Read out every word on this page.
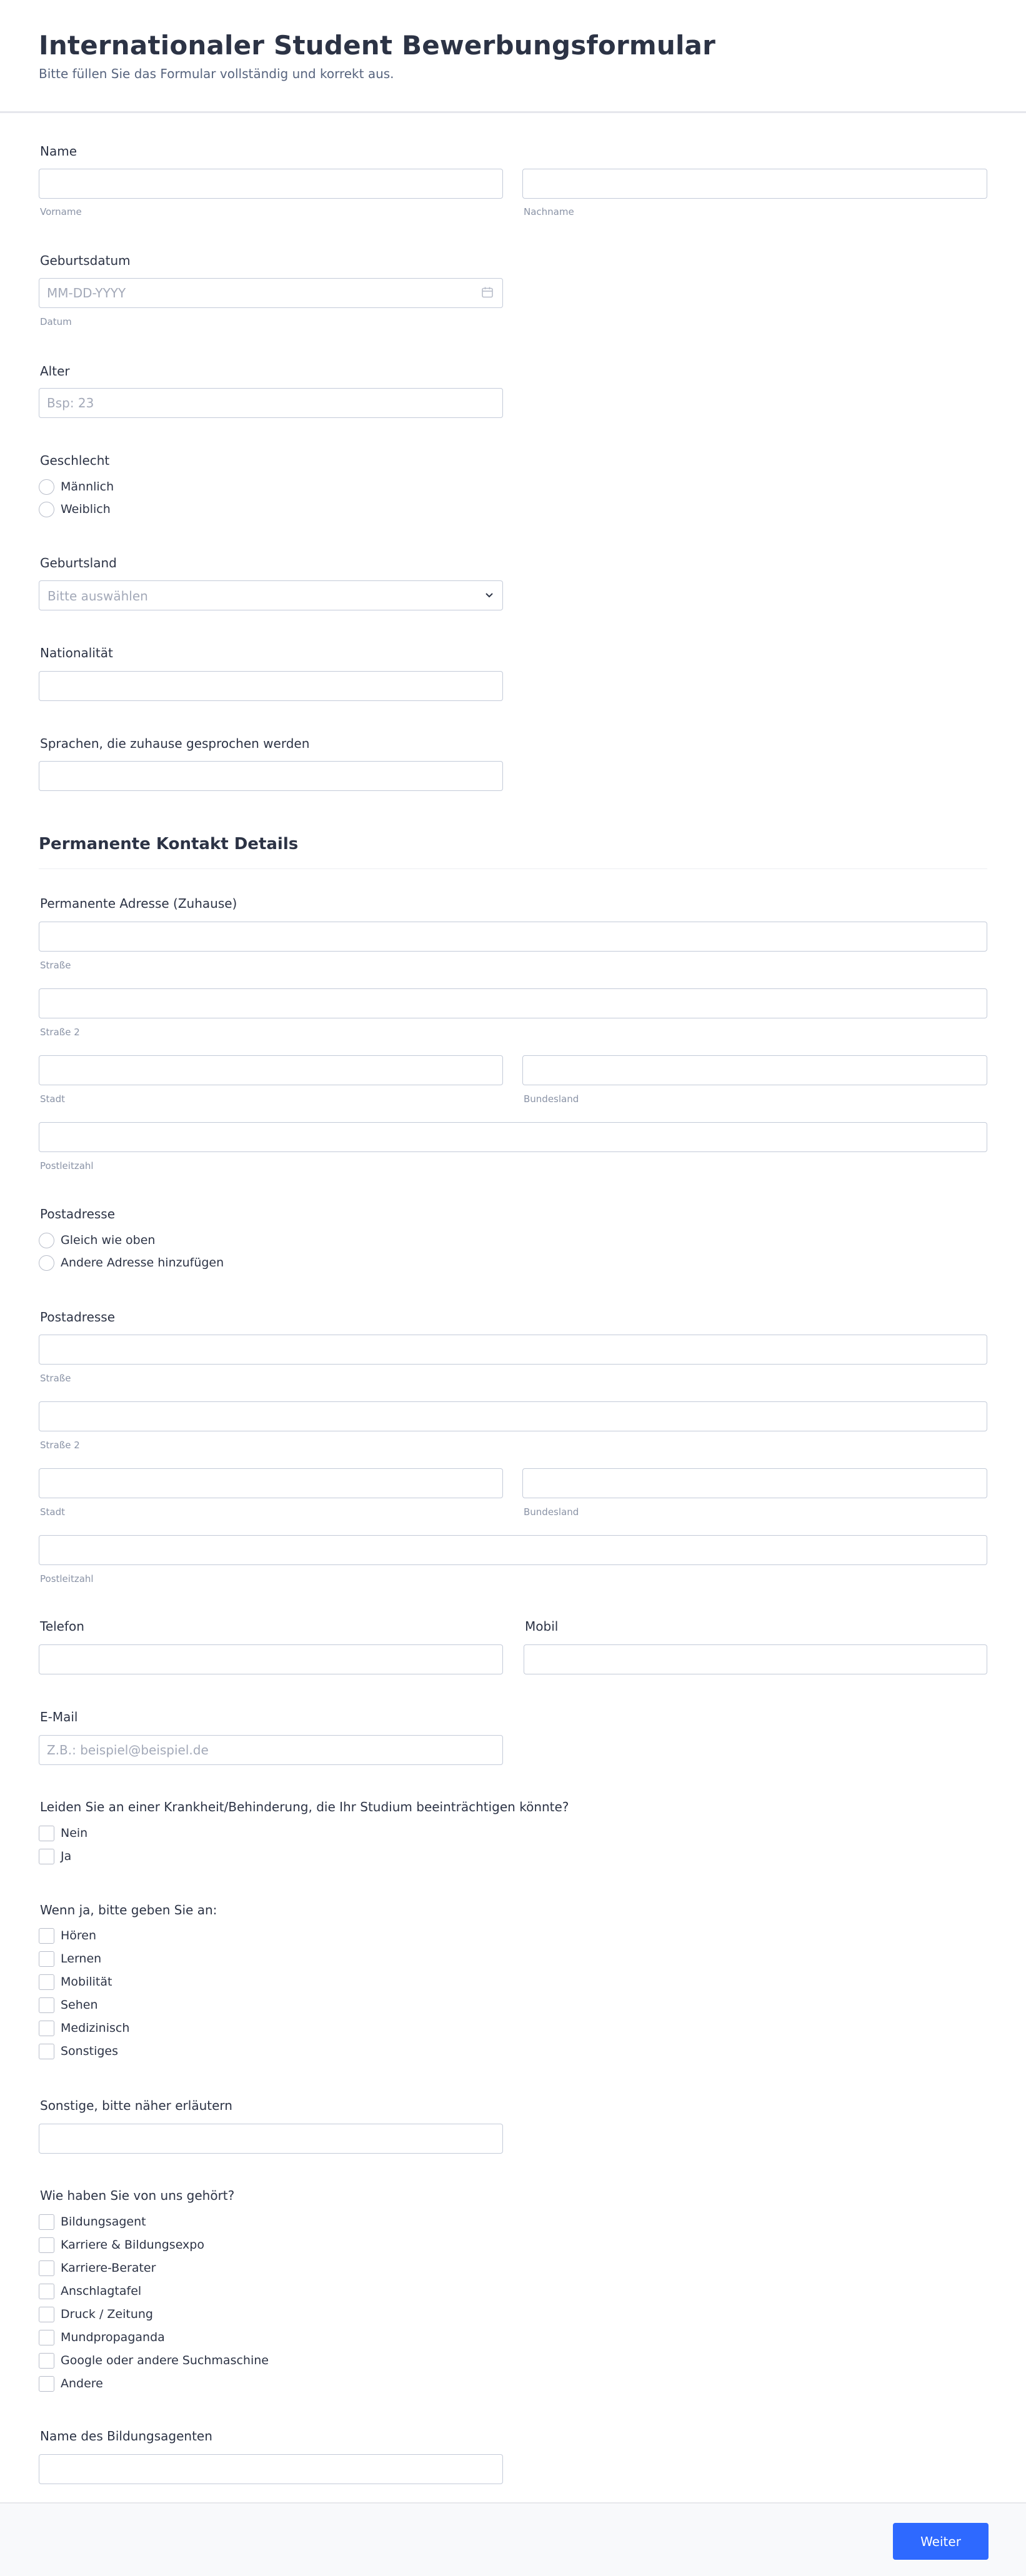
Internationaler Student Bewerbungsformular
Bitte füllen Sie das Formular vollständig und korrekt aus.
Name
Vorname	Nachname
Geburtsdatum
MM-DD-YYYY
Datum
Alter
Bsp: 23
Geschlecht
Männlich
Weiblich
Geburtsland
Bitte auswählen
Nationalität
Sprachen, die zuhause gesprochen werden
Permanente Kontakt Details
Permanente Adresse (Zuhause)
Straße
Straße 2
Stadt	Bundesland
Postleitzahl
Postadresse
Gleich wie oben
Andere Adresse hinzufügen
Postadresse
Straße
Straße 2
Stadt	Bundesland
Postleitzahl
Telefon	Mobil
E-Mail
Z.B.: beispiel@beispiel.de
Leiden Sie an einer Krankheit/Behinderung, die Ihr Studium beeinträchtigen könnte?
Nein
Ja
Wenn ja, bitte geben Sie an:
Hören
Lernen
Mobilität
Sehen
Medizinisch
Sonstiges
Sonstige, bitte näher erläutern
Wie haben Sie von uns gehört?
Bildungsagent
Karriere & Bildungsexpo
Karriere-Berater
Anschlagtafel
Druck / Zeitung
Mundpropaganda
Google oder andere Suchmaschine
Andere
Name des Bildungsagenten
Weiter
